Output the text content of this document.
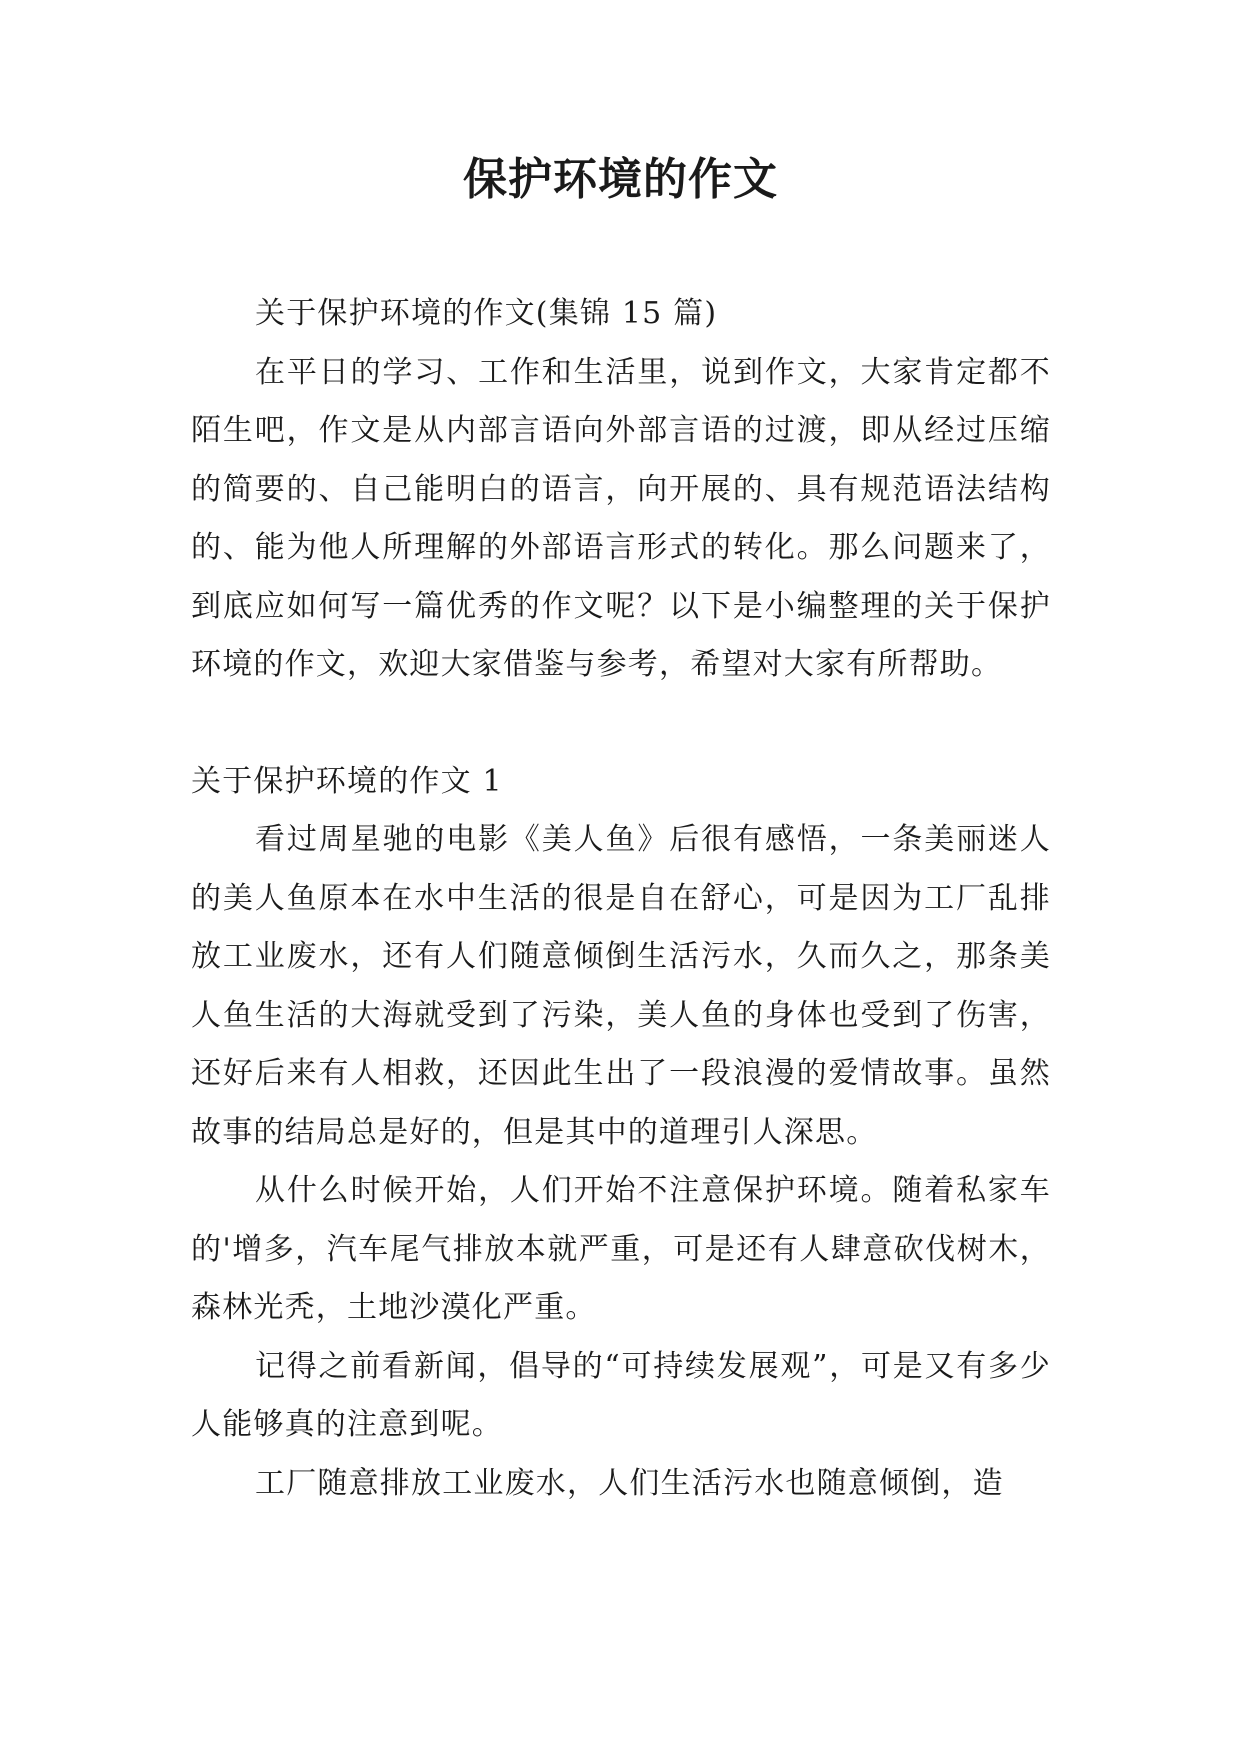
保护环境的作文

关于保护环境的作文(集锦 15 篇)

在平日的学习、工作和生活里，说到作文，大家肯定都不陌生吧，作文是从内部言语向外部言语的过渡，即从经过压缩的简要的、自己能明白的语言，向开展的、具有规范语法结构的、能为他人所理解的外部语言形式的转化。那么问题来了，到底应如何写一篇优秀的作文呢？以下是小编整理的关于保护环境的作文，欢迎大家借鉴与参考，希望对大家有所帮助。

关于保护环境的作文 1

看过周星驰的电影《美人鱼》后很有感悟，一条美丽迷人的美人鱼原本在水中生活的很是自在舒心，可是因为工厂乱排放工业废水，还有人们随意倾倒生活污水，久而久之，那条美人鱼生活的大海就受到了污染，美人鱼的身体也受到了伤害，还好后来有人相救，还因此生出了一段浪漫的爱情故事。虽然故事的结局总是好的，但是其中的道理引人深思。

从什么时候开始，人们开始不注意保护环境。随着私家车的'增多，汽车尾气排放本就严重，可是还有人肆意砍伐树木，森林光秃，土地沙漠化严重。

记得之前看新闻，倡导的“可持续发展观”，可是又有多少人能够真的注意到呢。

工厂随意排放工业废水，人们生活污水也随意倾倒，造
